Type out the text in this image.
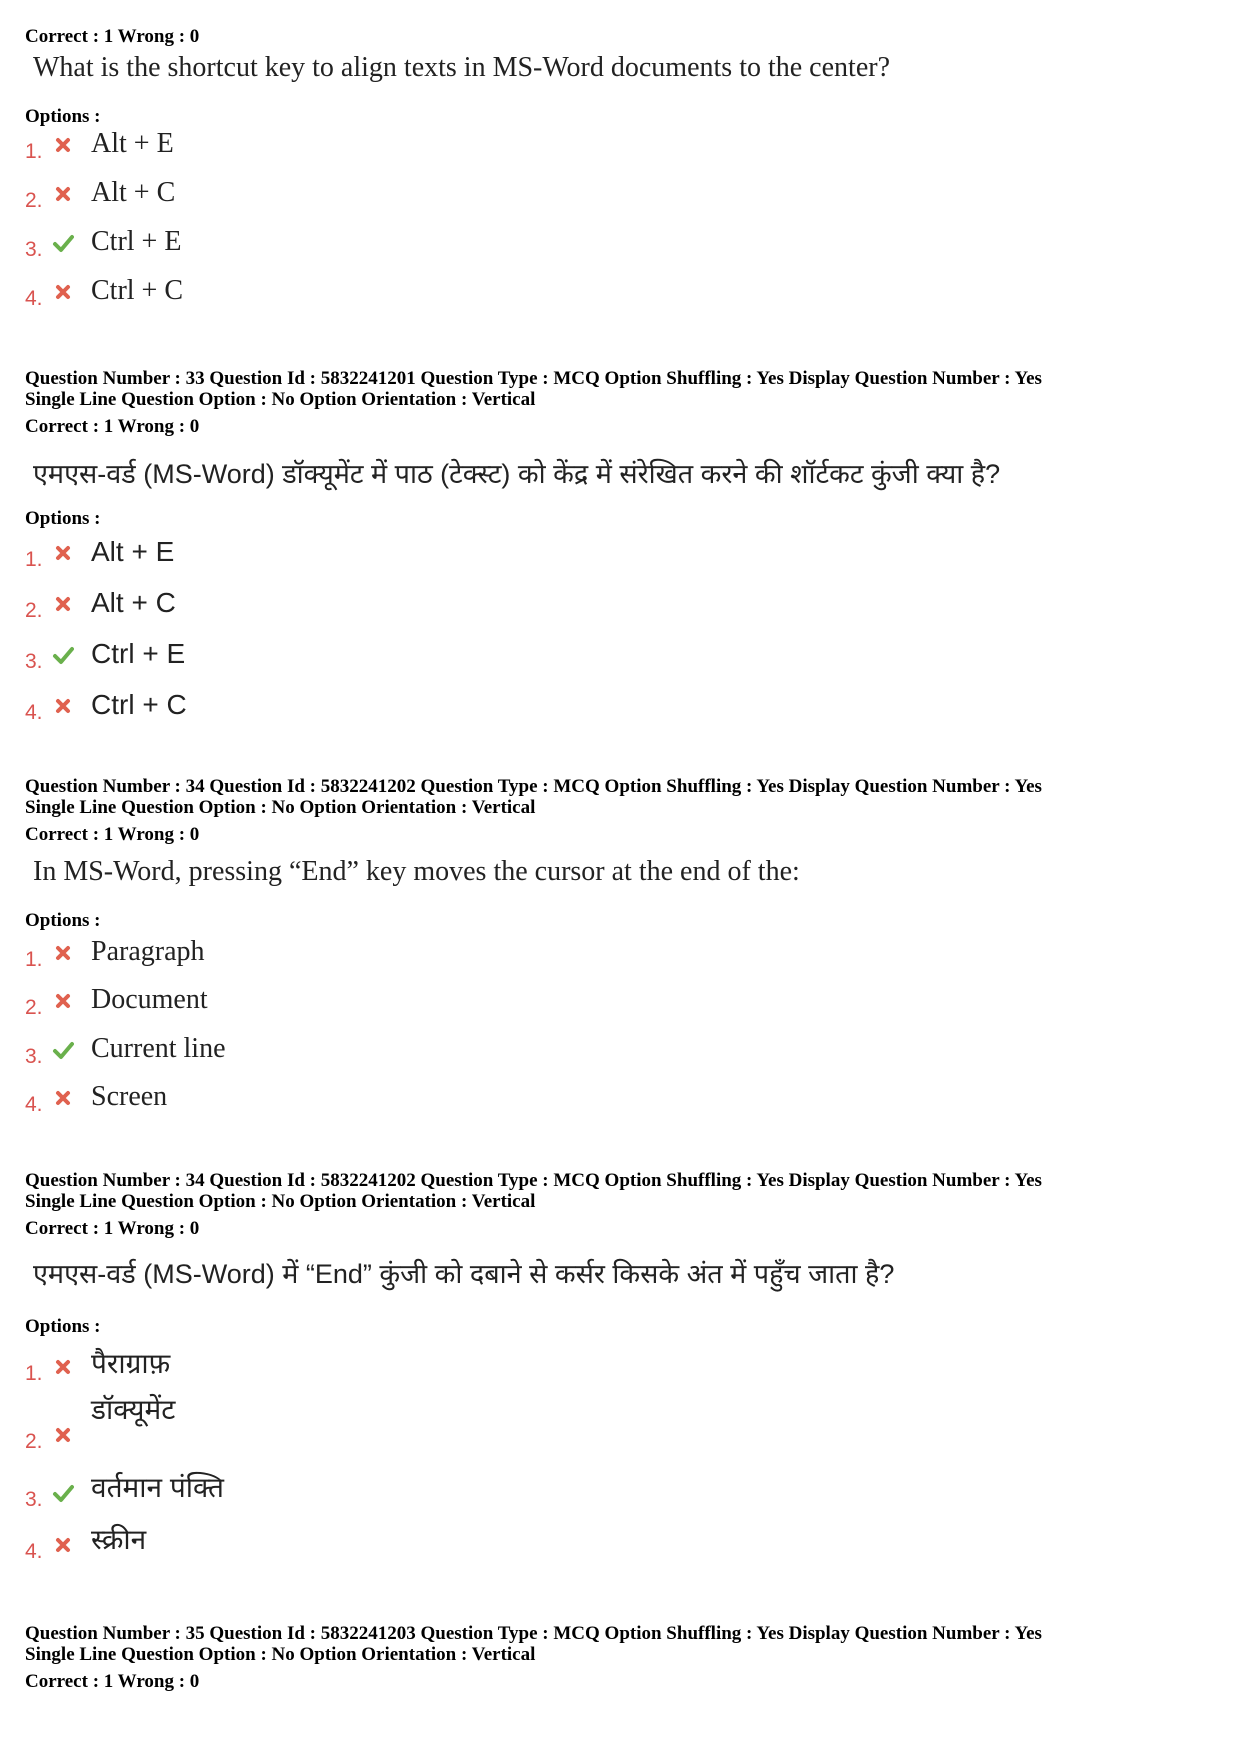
Correct : 1 Wrong : 0

What is the shortcut key to align texts in MS-Word documents to the center?
Options :
1. Alt + E
2. Alt + C
3. Ctrl + E
4. Ctrl + C

Question Number : 33 Question Id : 5832241201 Question Type : MCQ Option Shuffling : Yes Display Question Number : Yes

Single Line Question Option : No Option Orientation : Vertical

Correct : 1 Wrong : 0

एमएस-वर्ड (MS-Word) डॉक्यूमेंट में पाठ (टेक्स्ट) को केंद्र में संरेखित करने की शॉर्टकट कुंजी क्या है?
Options :
1. Alt + E
2. Alt + C
3. Ctrl + E
4. Ctrl + C

Question Number : 34 Question Id : 5832241202 Question Type : MCQ Option Shuffling : Yes Display Question Number : Yes

Single Line Question Option : No Option Orientation : Vertical

Correct : 1 Wrong : 0

In MS-Word, pressing “End” key moves the cursor at the end of the:
Options :
1. Paragraph
2. Document
3. Current line
4. Screen

Question Number : 34 Question Id : 5832241202 Question Type : MCQ Option Shuffling : Yes Display Question Number : Yes

Single Line Question Option : No Option Orientation : Vertical

Correct : 1 Wrong : 0

एमएस-वर्ड (MS-Word) में “End” कुंजी को दबाने से कर्सर किसके अंत में पहुँच जाता है?
Options :
1. पैराग्राफ़
2.
डॉक्यूमेंट
3. वर्तमान पंक्ति
4. स्क्रीन

Question Number : 35 Question Id : 5832241203 Question Type : MCQ Option Shuffling : Yes Display Question Number : Yes

Single Line Question Option : No Option Orientation : Vertical

Correct : 1 Wrong : 0
